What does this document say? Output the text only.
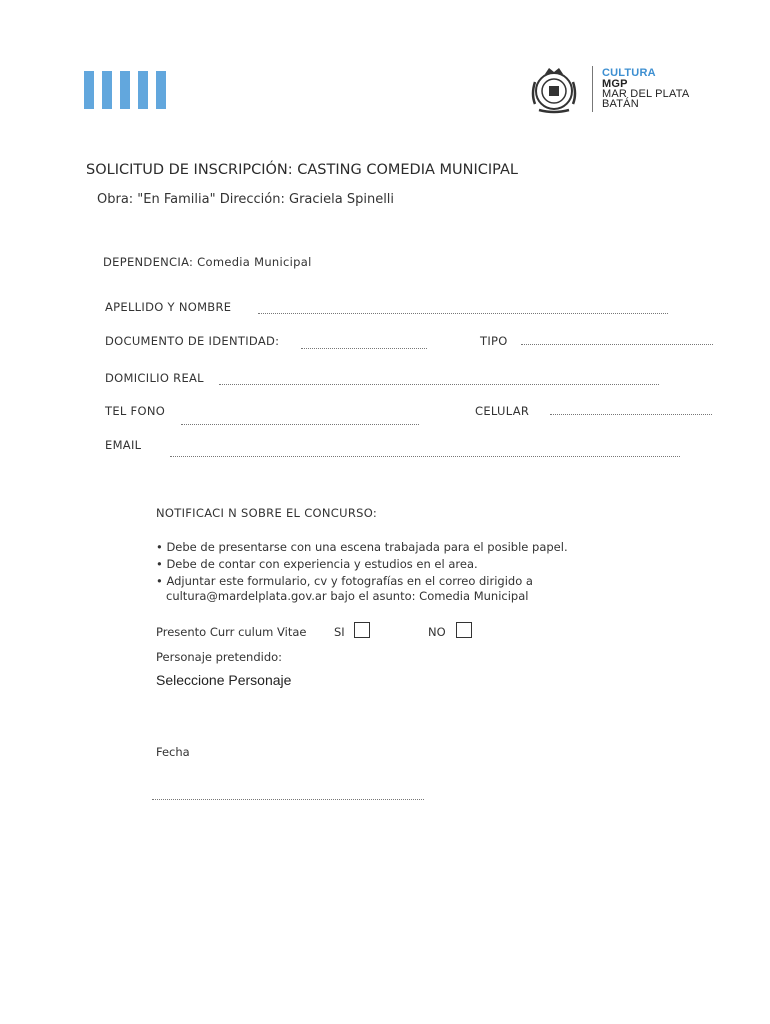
CULTURA
MGP
MAR DEL PLATA
BATÁN
SOLICITUD DE INSCRIPCIÓN: CASTING COMEDIA MUNICIPAL
Obra: "En Familia" Dirección: Graciela Spinelli
DEPENDENCIA: Comedia Municipal
APELLIDO Y NOMBRE
DOCUMENTO DE IDENTIDAD:	TIPO
DOMICILIO REAL
TEL FONO	CELULAR
EMAIL
NOTIFICACI N SOBRE EL CONCURSO:
• Debe de presentarse con una escena trabajada para el posible papel.
• Debe de contar con experiencia y estudios en el area.
• Adjuntar este formulario, cv y fotografías en el correo dirigido a
cultura@mardelplata.gov.ar bajo el asunto: Comedia Municipal
Presento Curr culum Vitae SI	NO
Personaje pretendido:
Seleccione Personaje
Fecha
